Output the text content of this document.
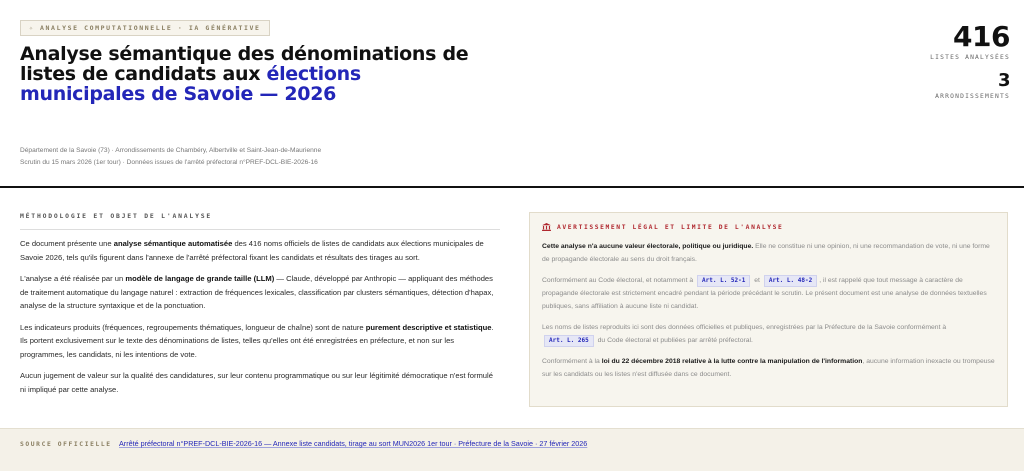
✧ ANALYSE COMPUTATIONNELLE · IA GÉNÉRATIVE
Analyse sémantique des dénominations de listes de candidats aux élections municipales de Savoie — 2026
Département de la Savoie (73) · Arrondissements de Chambéry, Albertville et Saint-Jean-de-Maurienne
Scrutin du 15 mars 2026 (1er tour) · Données issues de l'arrêté préfectoral n°PREF-DCL-BIE-2026-16
416
LISTES ANALYSÉES
3
ARRONDISSEMENTS
MÉTHODOLOGIE ET OBJET DE L'ANALYSE

Ce document présente une analyse sémantique automatisée des 416 noms officiels de listes de candidats aux élections municipales de Savoie 2026, tels qu'ils figurent dans l'annexe de l'arrêté préfectoral fixant les candidats et résultats des tirages au sort.

L'analyse a été réalisée par un modèle de langage de grande taille (LLM) — Claude, développé par Anthropic — appliquant des méthodes de traitement automatique du langage naturel : extraction de fréquences lexicales, classification par clusters sémantiques, détection d'hapax, analyse de la structure syntaxique et de la ponctuation.

Les indicateurs produits (fréquences, regroupements thématiques, longueur de chaîne) sont de nature purement descriptive et statistique. Ils portent exclusivement sur le texte des dénominations de listes, telles qu'elles ont été enregistrées en préfecture, et non sur les programmes, les candidats, ni les intentions de vote.

Aucun jugement de valeur sur la qualité des candidatures, sur leur contenu programmatique ou sur leur légitimité démocratique n'est formulé ni impliqué par cette analyse.

AVERTISSEMENT LÉGAL ET LIMITE DE L'ANALYSE

Cette analyse n'a aucune valeur électorale, politique ou juridique. Elle ne constitue ni une opinion, ni une recommandation de vote, ni une forme de propagande électorale au sens du droit français.

Conformément au Code électoral, et notamment à Art. L. 52-1 et Art. L. 48-2 , il est rappelé que tout message à caractère de propagande électorale est strictement encadré pendant la période précédant le scrutin. Le présent document est une analyse de données textuelles publiques, sans affiliation à aucune liste ni candidat.

Les noms de listes reproduits ici sont des données officielles et publiques, enregistrées par la Préfecture de la Savoie conformément à Art. L. 265 du Code électoral et publiées par arrêté préfectoral.

Conformément à la loi du 22 décembre 2018 relative à la lutte contre la manipulation de l'information, aucune information inexacte ou trompeuse sur les candidats ou les listes n'est diffusée dans ce document.

SOURCE OFFICIELLE Arrêté préfectoral n°PREF-DCL-BIE-2026-16 — Annexe liste candidats, tirage au sort MUN2026 1er tour · Préfecture de la Savoie · 27 février 2026
